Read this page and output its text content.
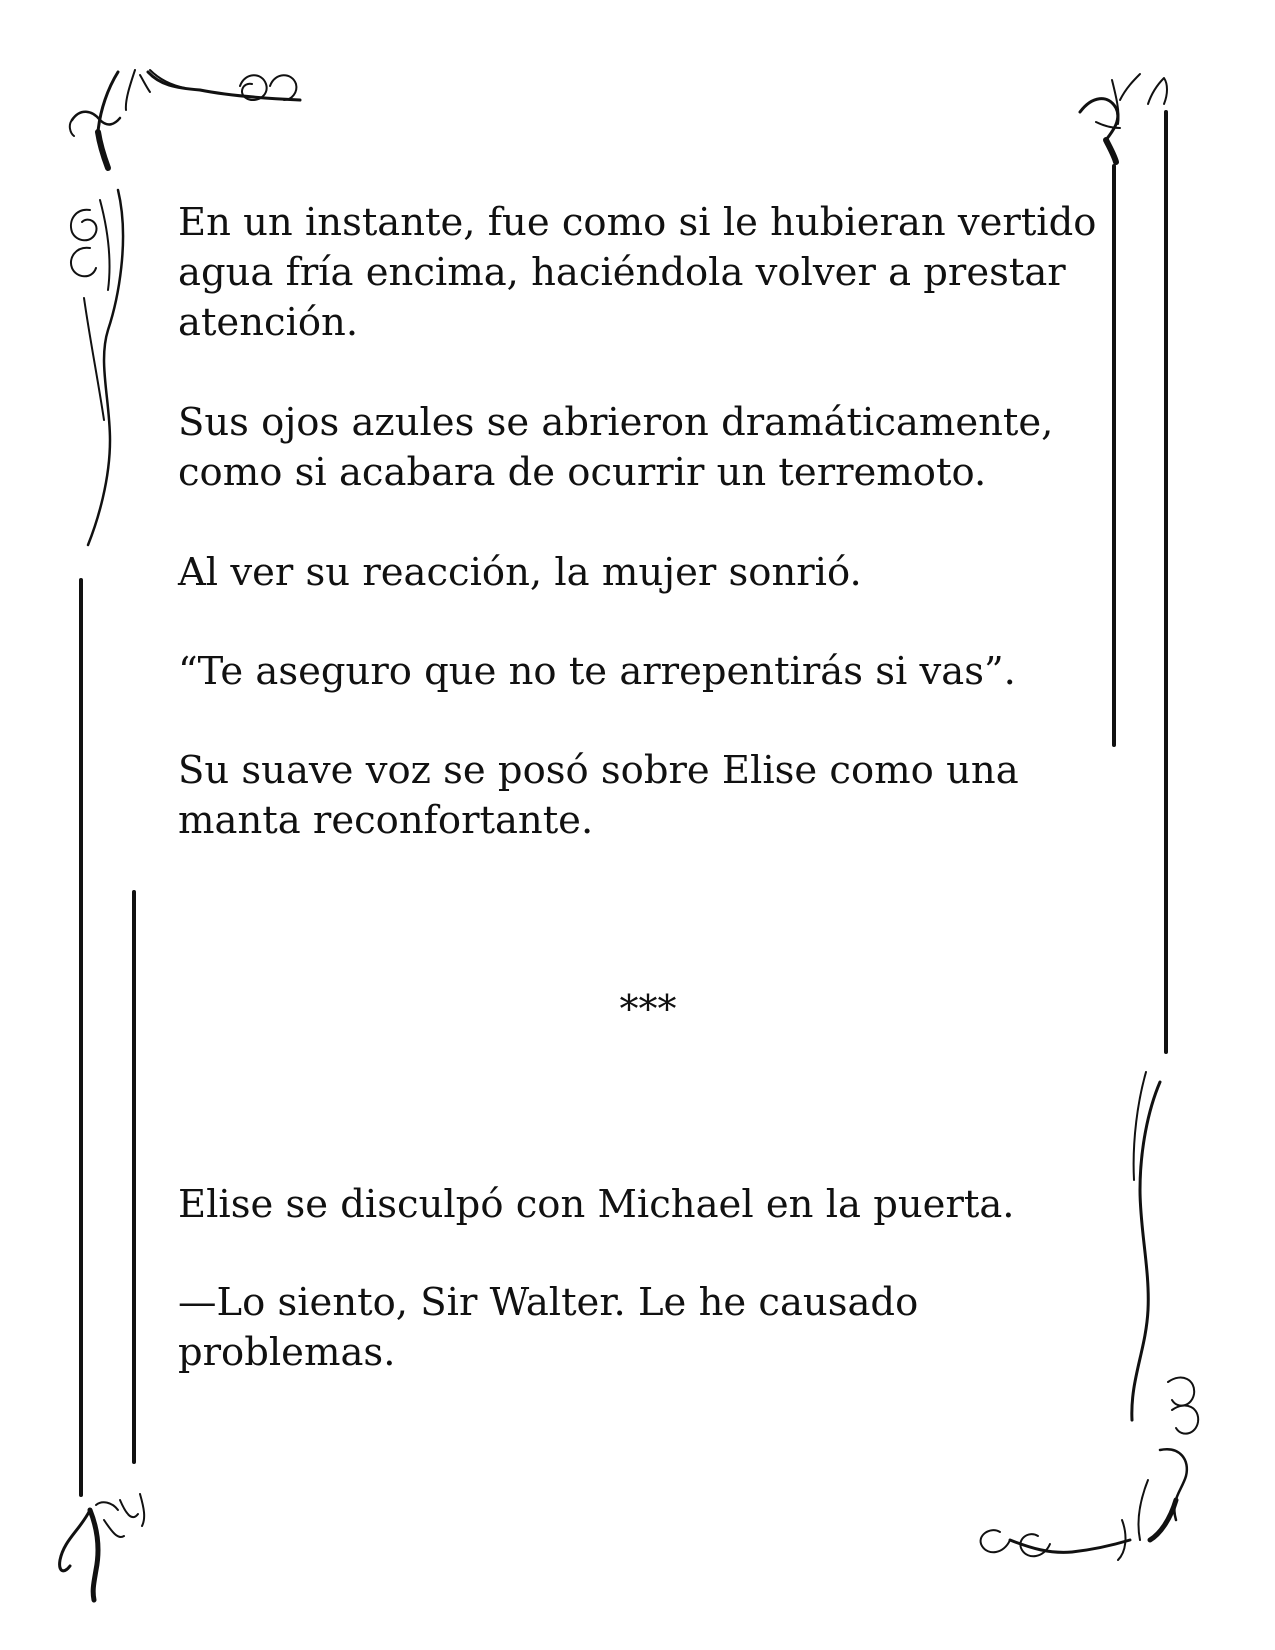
En un instante, fue como si le hubieran vertido agua fría encima, haciéndola volver a prestar atención.

Sus ojos azules se abrieron dramáticamente, como si acabara de ocurrir un terremoto.

Al ver su reacción, la mujer sonrió.

“Te aseguro que no te arrepentirás si vas”.

Su suave voz se posó sobre Elise como una manta reconfortante.

***

Elise se disculpó con Michael en la puerta.

—Lo siento, Sir Walter. Le he causado problemas.
